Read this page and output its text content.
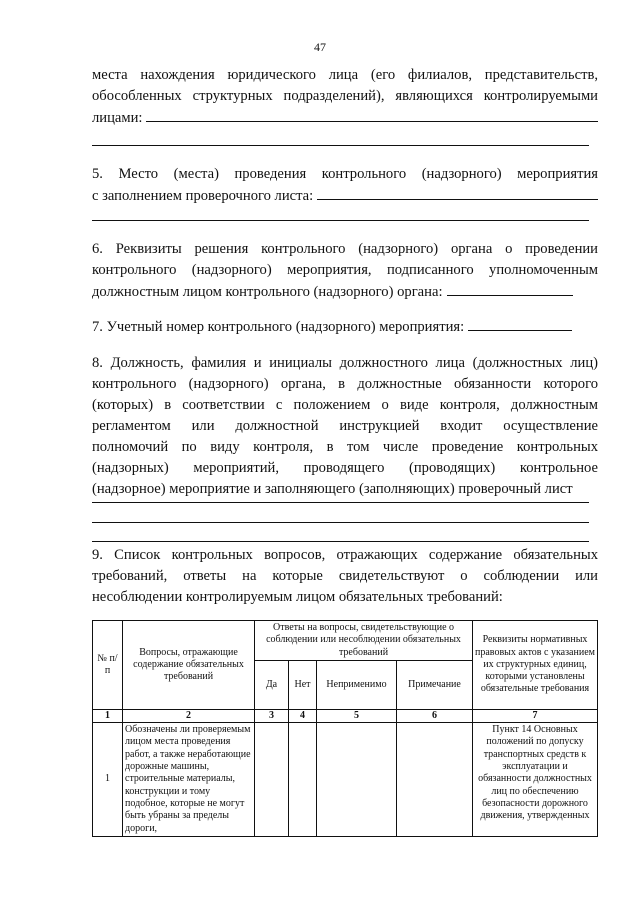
47
места нахождения юридического лица (его филиалов, представительств,
обособленных структурных подразделений), являющихся контролируемыми
лицами:
5. Место (места) проведения контрольного (надзорного) мероприятия
с заполнением проверочного листа:
6. Реквизиты решения контрольного (надзорного) органа о проведении
контрольного (надзорного) мероприятия, подписанного уполномоченным
должностным лицом контрольного (надзорного) органа:
7. Учетный номер контрольного (надзорного) мероприятия:
8. Должность, фамилия и инициалы должностного лица (должностных лиц)
контрольного (надзорного) органа, в должностные обязанности которого
(которых) в соответствии с положением о виде контроля, должностным
регламентом или должностной инструкцией входит осуществление
полномочий по виду контроля, в том числе проведение контрольных
(надзорных) мероприятий, проводящего (проводящих) контрольное
(надзорное) мероприятие и заполняющего (заполняющих) проверочный лист
9. Список контрольных вопросов, отражающих содержание обязательных
требований, ответы на которые свидетельствуют о соблюдении или
несоблюдении контролируемым лицом обязательных требований:
№ п/п	Вопросы, отражающие содержание обязательных требований	Ответы на вопросы, свидетельствующие о соблюдении или несоблюдении обязательных требований				Реквизиты нормативных правовых актов с указанием их структурных единиц, которыми установлены обязательные требования
		Да	Нет	Неприменимо	Примечание	
1	2	3	4	5	6	7
1	Обозначены ли проверяемым лицом места проведения работ, а также неработающие дорожные машины, строительные материалы, конструкции и тому подобное, которые не могут быть убраны за пределы дороги,					Пункт 14 Основных положений по допуску транспортных средств к эксплуатации и обязанности должностных лиц по обеспечению безопасности дорожного движения, утвержденных
